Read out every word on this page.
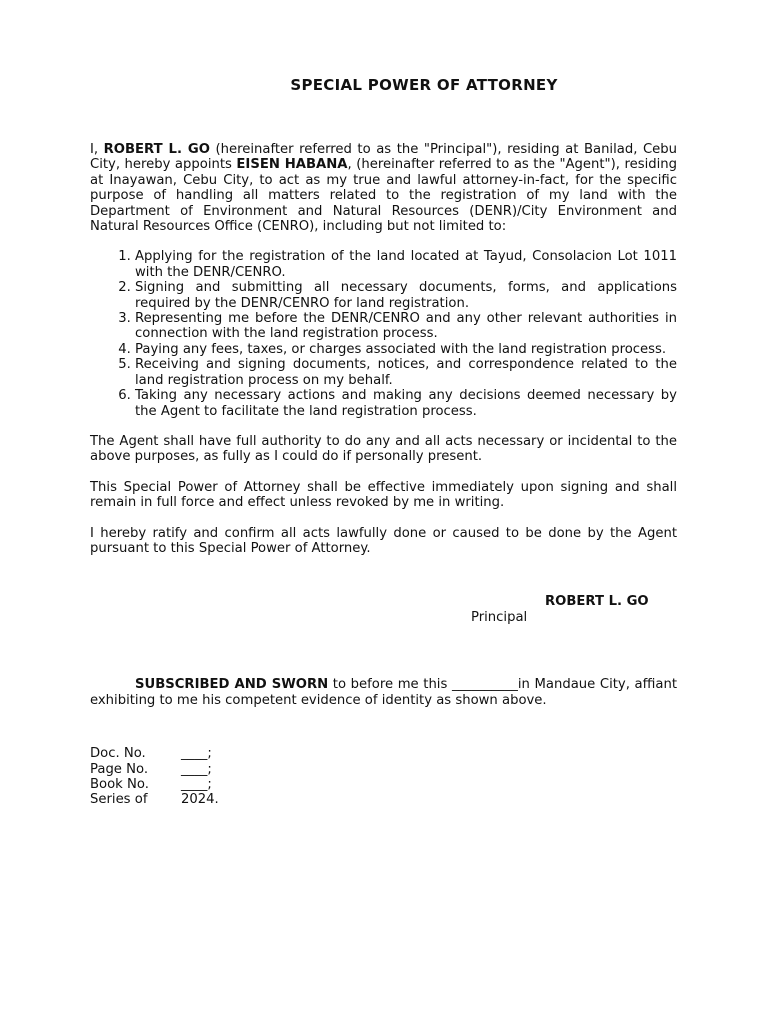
SPECIAL POWER OF ATTORNEY

I, ROBERT L. GO (hereinafter referred to as the "Principal"), residing at Banilad, Cebu City, hereby appoints EISEN HABANA, (hereinafter referred to as the "Agent"), residing at Inayawan, Cebu City, to act as my true and lawful attorney-in-fact, for the specific purpose of handling all matters related to the registration of my land with the Department of Environment and Natural Resources (DENR)/City Environment and Natural Resources Office (CENRO), including but not limited to:

1. Applying for the registration of the land located at Tayud, Consolacion Lot 1011 with the DENR/CENRO.
2. Signing and submitting all necessary documents, forms, and applications required by the DENR/CENRO for land registration.
3. Representing me before the DENR/CENRO and any other relevant authorities in connection with the land registration process.
4. Paying any fees, taxes, or charges associated with the land registration process.
5. Receiving and signing documents, notices, and correspondence related to the land registration process on my behalf.
6. Taking any necessary actions and making any decisions deemed necessary by the Agent to facilitate the land registration process.

The Agent shall have full authority to do any and all acts necessary or incidental to the above purposes, as fully as I could do if personally present.

This Special Power of Attorney shall be effective immediately upon signing and shall remain in full force and effect unless revoked by me in writing.

I hereby ratify and confirm all acts lawfully done or caused to be done by the Agent pursuant to this Special Power of Attorney.

ROBERT L. GO
Principal

SUBSCRIBED AND SWORN to before me this __________in Mandaue City, affiant exhibiting to me his competent evidence of identity as shown above.

Doc. No.	____;
Page No.	____;
Book No.	____;
Series of	2024.
